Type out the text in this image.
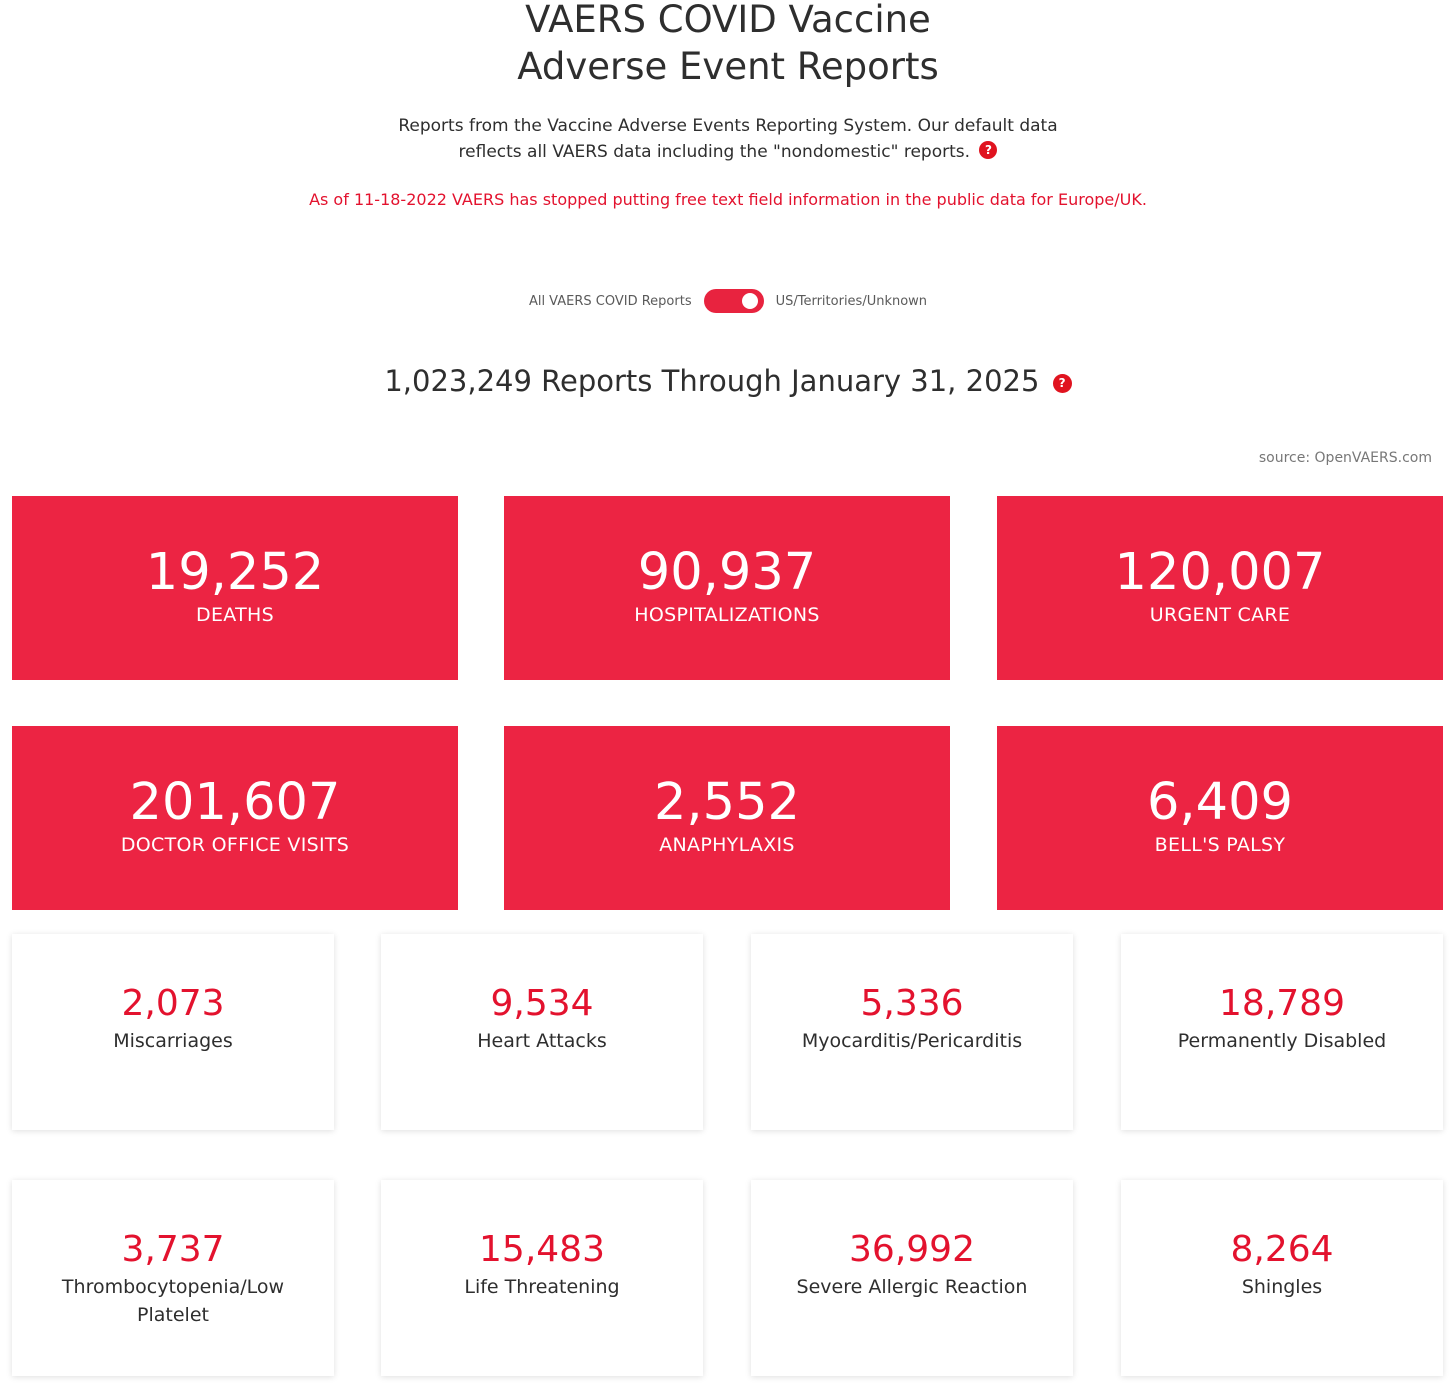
VAERS COVID Vaccine
Adverse Event Reports
Reports from the Vaccine Adverse Events Reporting System. Our default data
reflects all VAERS data including the "nondomestic" reports. ?
As of 11-18-2022 VAERS has stopped putting free text field information in the public data for Europe/UK.
All VAERS COVID Reports	US/Territories/Unknown
1,023,249 Reports Through January 31, 2025 ?
source: OpenVAERS.com
19,252
DEATHS
90,937
HOSPITALIZATIONS
120,007
URGENT CARE
201,607
DOCTOR OFFICE VISITS
2,552
ANAPHYLAXIS
6,409
BELL'S PALSY
2,073
Miscarriages
9,534
Heart Attacks
5,336
Myocarditis/Pericarditis
18,789
Permanently Disabled
3,737
Thrombocytopenia/Low Platelet
15,483
Life Threatening
36,992
Severe Allergic Reaction
8,264
Shingles
